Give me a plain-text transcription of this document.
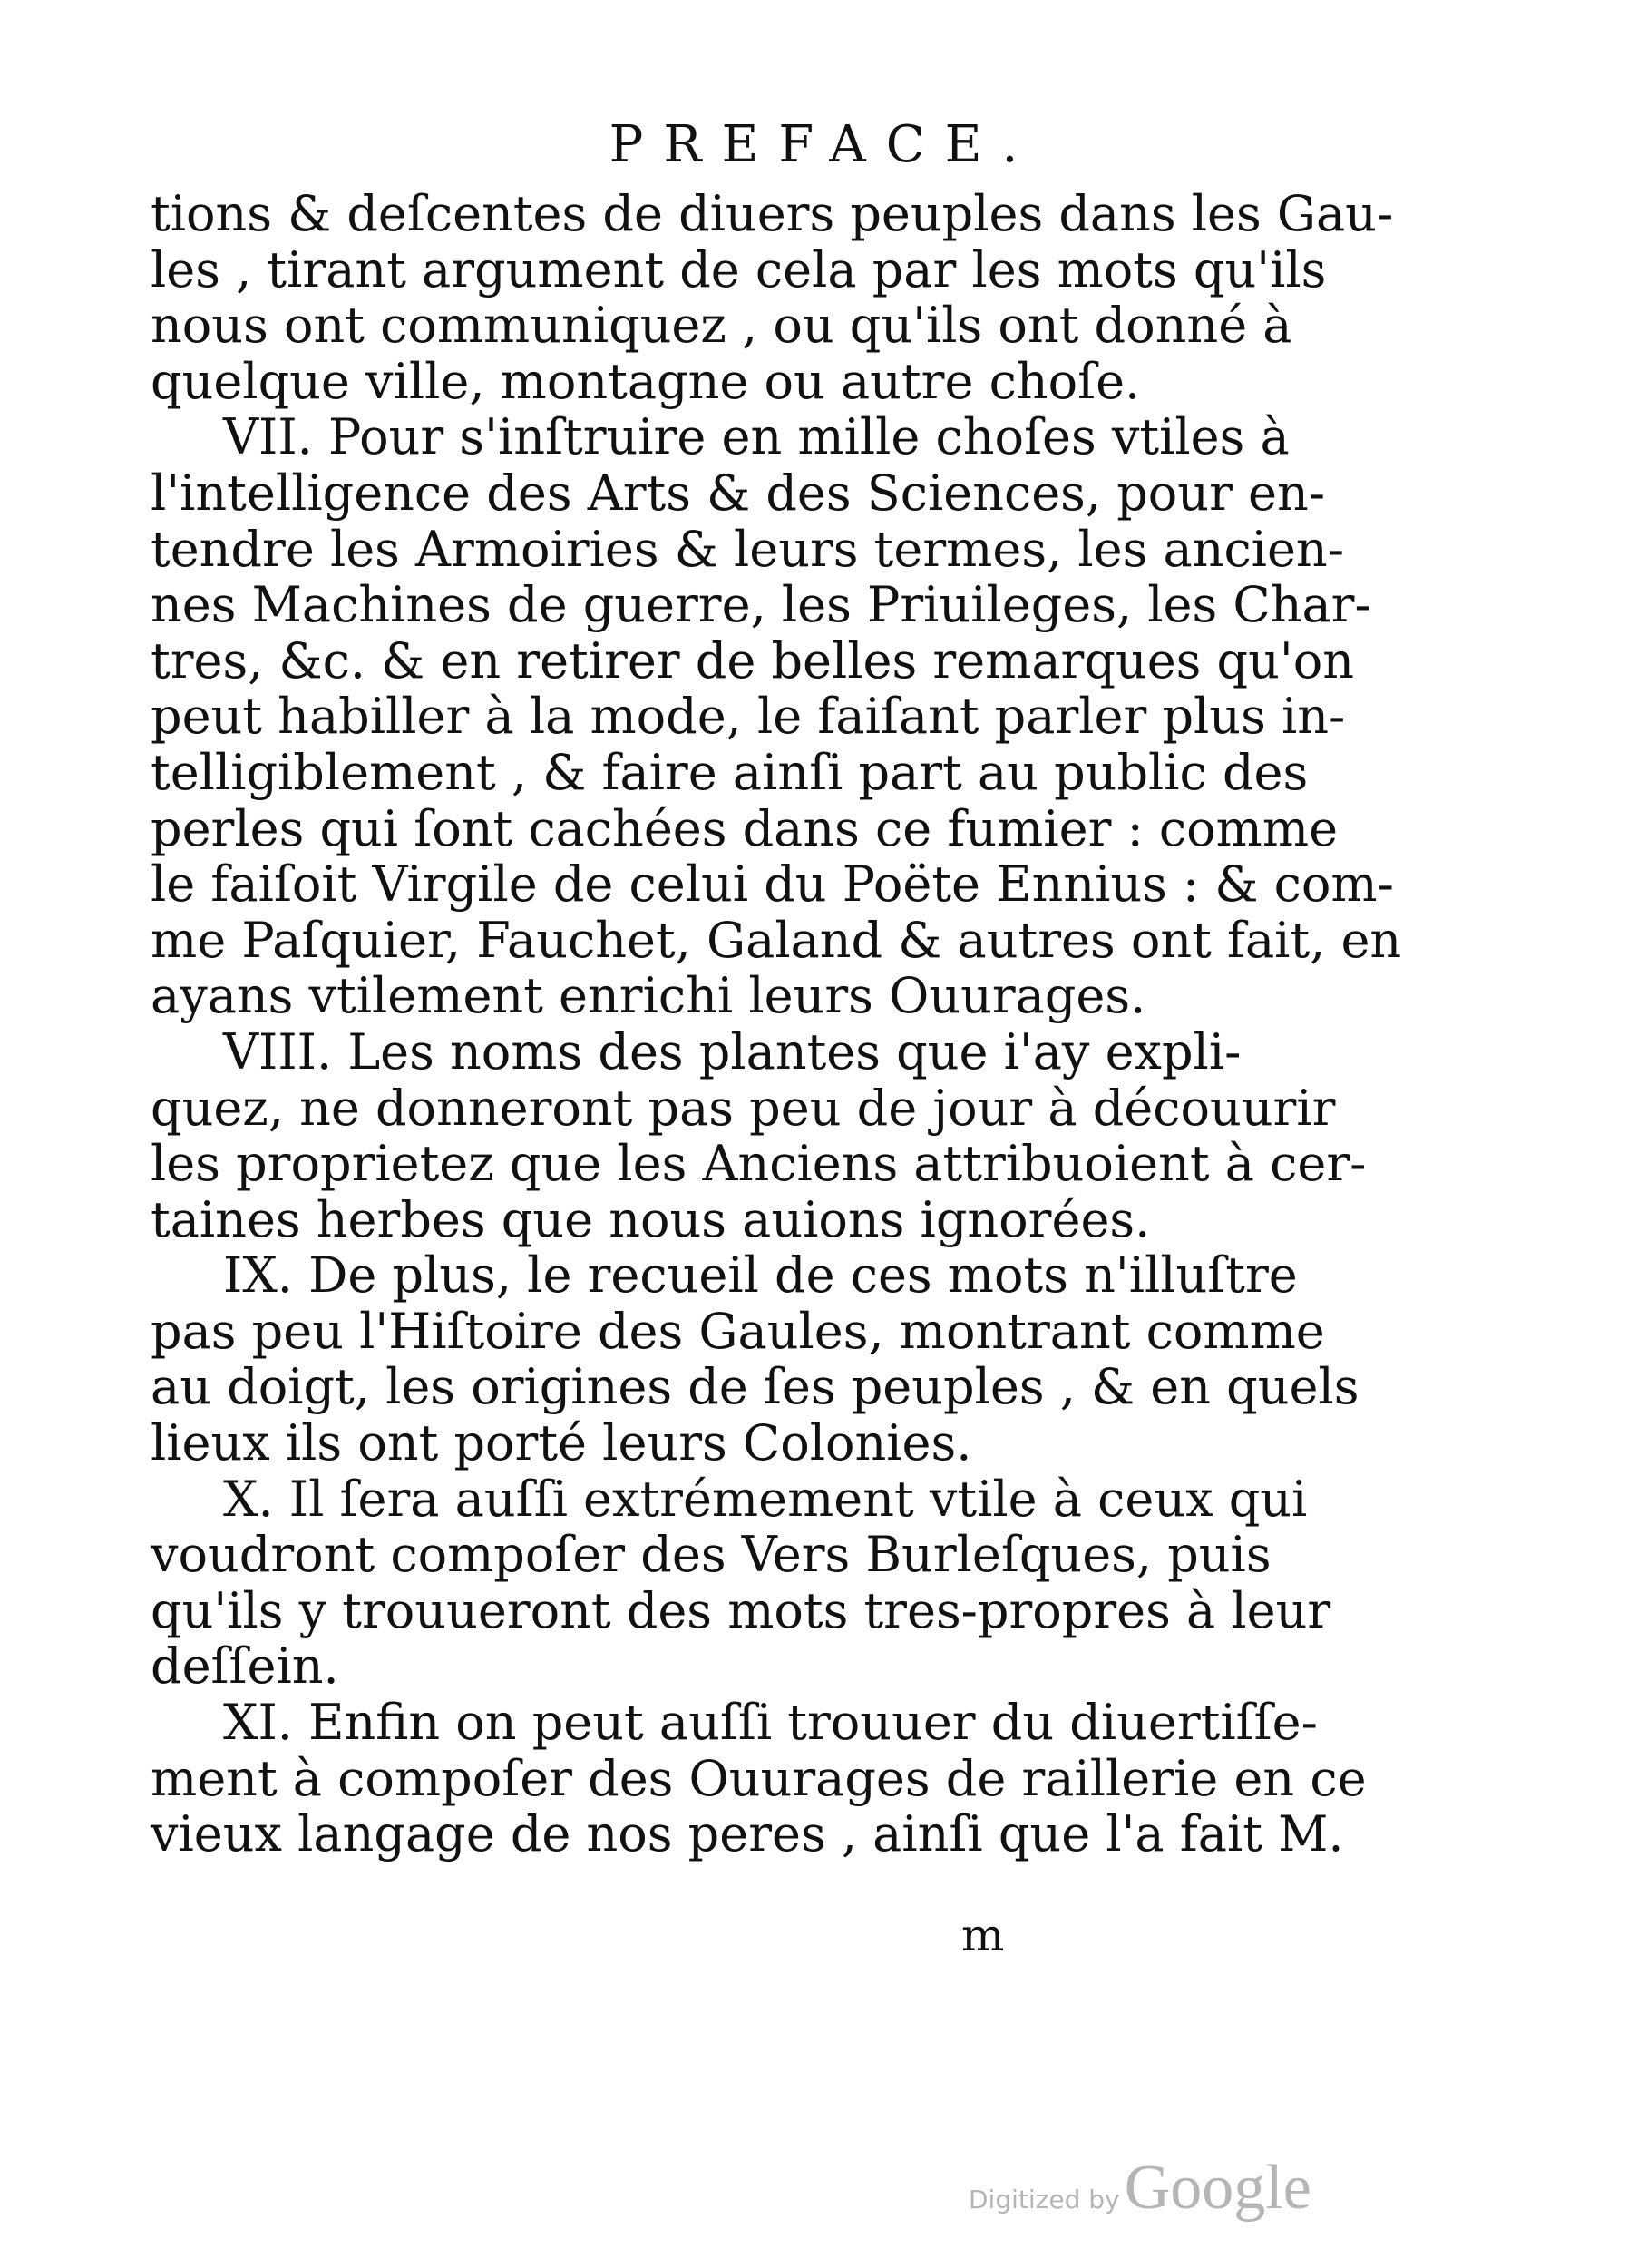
PREFACE.
tions & deſcentes de diuers peuples dans les Gau-
les , tirant argument de cela par les mots qu'ils
nous ont communiquez , ou qu'ils ont donné à
quelque ville, montagne ou autre choſe.
VII. Pour s'inſtruire en mille choſes vtiles à
l'intelligence des Arts & des Sciences, pour en-
tendre les Armoiries & leurs termes, les ancien-
nes Machines de guerre, les Priuileges, les Char-
tres, &c. & en retirer de belles remarques qu'on
peut habiller à la mode, le faiſant parler plus in-
telligiblement , & faire ainſi part au public des
perles qui ſont cachées dans ce fumier : comme
le faiſoit Virgile de celui du Poëte Ennius : & com-
me Paſquier, Fauchet, Galand & autres ont fait, en
ayans vtilement enrichi leurs Ouurages.
VIII. Les noms des plantes que i'ay expli-
quez, ne donneront pas peu de jour à découurir
les proprietez que les Anciens attribuoient à cer-
taines herbes que nous auions ignorées.
IX. De plus, le recueil de ces mots n'illuſtre
pas peu l'Hiſtoire des Gaules, montrant comme
au doigt, les origines de ſes peuples , & en quels
lieux ils ont porté leurs Colonies.
X. Il ſera auſſi extrémement vtile à ceux qui
voudront compoſer des Vers Burleſques, puis
qu'ils y trouueront des mots tres-propres à leur
deſſein.
XI. Enfin on peut auſſi trouuer du diuertiſſe-
ment à compoſer des Ouurages de raillerie en ce
vieux langage de nos peres , ainſi que l'a fait M.
m
Digitized by Google
